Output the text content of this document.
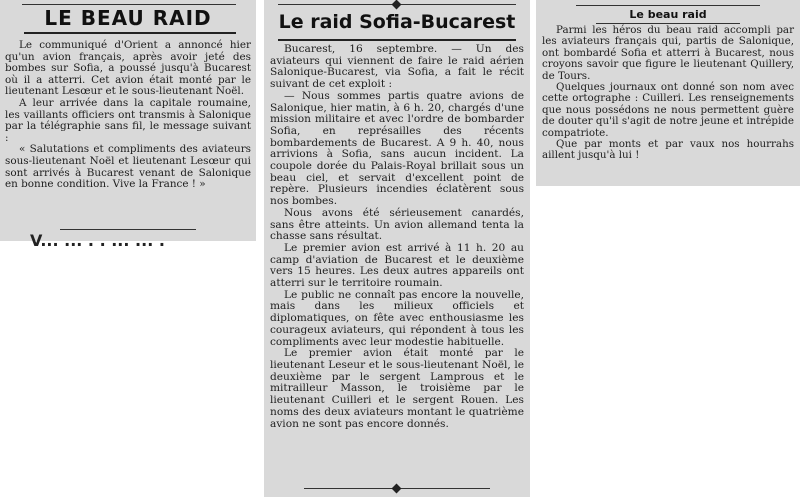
LE BEAU RAID

Le communiqué d'Orient a annoncé hier qu'un avion français, après avoir jeté des bombes sur Sofia, a poussé jusqu'à Bucarest où il a atterri. Cet avion était monté par le lieutenant Lesœur et le sous-lieutenant Noël.

A leur arrivée dans la capitale roumaine, les vaillants officiers ont transmis à Salonique par la télégraphie sans fil, le message suivant :

« Salutations et compliments des aviateurs sous-lieutenant Noël et lieutenant Lesœur qui sont arrivés à Bucarest venant de Salonique en bonne condition. Vive la France ! »

V... ... . . ... ... .
Le raid Sofia-Bucarest

Bucarest, 16 septembre. — Un des aviateurs qui viennent de faire le raid aérien Salonique-Bucarest, via Sofia, a fait le récit suivant de cet exploit :

— Nous sommes partis quatre avions de Salonique, hier matin, à 6 h. 20, chargés d'une mission militaire et avec l'ordre de bombarder Sofia, en représailles des récents bombardements de Bucarest. A 9 h. 40, nous arrivions à Sofia, sans aucun incident. La coupole dorée du Palais-Royal brillait sous un beau ciel, et servait d'excellent point de repère. Plusieurs incendies éclatèrent sous nos bombes.

Nous avons été sérieusement canardés, sans être atteints. Un avion allemand tenta la chasse sans résultat.

Le premier avion est arrivé à 11 h. 20 au camp d'aviation de Bucarest et le deuxième vers 15 heures. Les deux autres appareils ont atterri sur le territoire roumain.

Le public ne connaît pas encore la nouvelle, mais dans les milieux officiels et diplomatiques, on fête avec enthousiasme les courageux aviateurs, qui répondent à tous les compliments avec leur modestie habituelle.

Le premier avion était monté par le lieutenant Leseur et le sous-lieutenant Noël, le deuxième par le sergent Lamprous et le mitrailleur Masson, le troisième par le lieutenant Cuilleri et le sergent Rouen. Les noms des deux aviateurs montant le quatrième avion ne sont pas encore donnés.

Le beau raid

Parmi les héros du beau raid accompli par les aviateurs français qui, partis de Salonique, ont bombardé Sofia et atterri à Bucarest, nous croyons savoir que figure le lieutenant Quillery, de Tours.

Quelques journaux ont donné son nom avec cette ortographe : Cuilleri. Les renseignements que nous possédons ne nous permettent guère de douter qu'il s'agit de notre jeune et intrépide compatriote.

Que par monts et par vaux nos hourrahs aillent jusqu'à lui !
